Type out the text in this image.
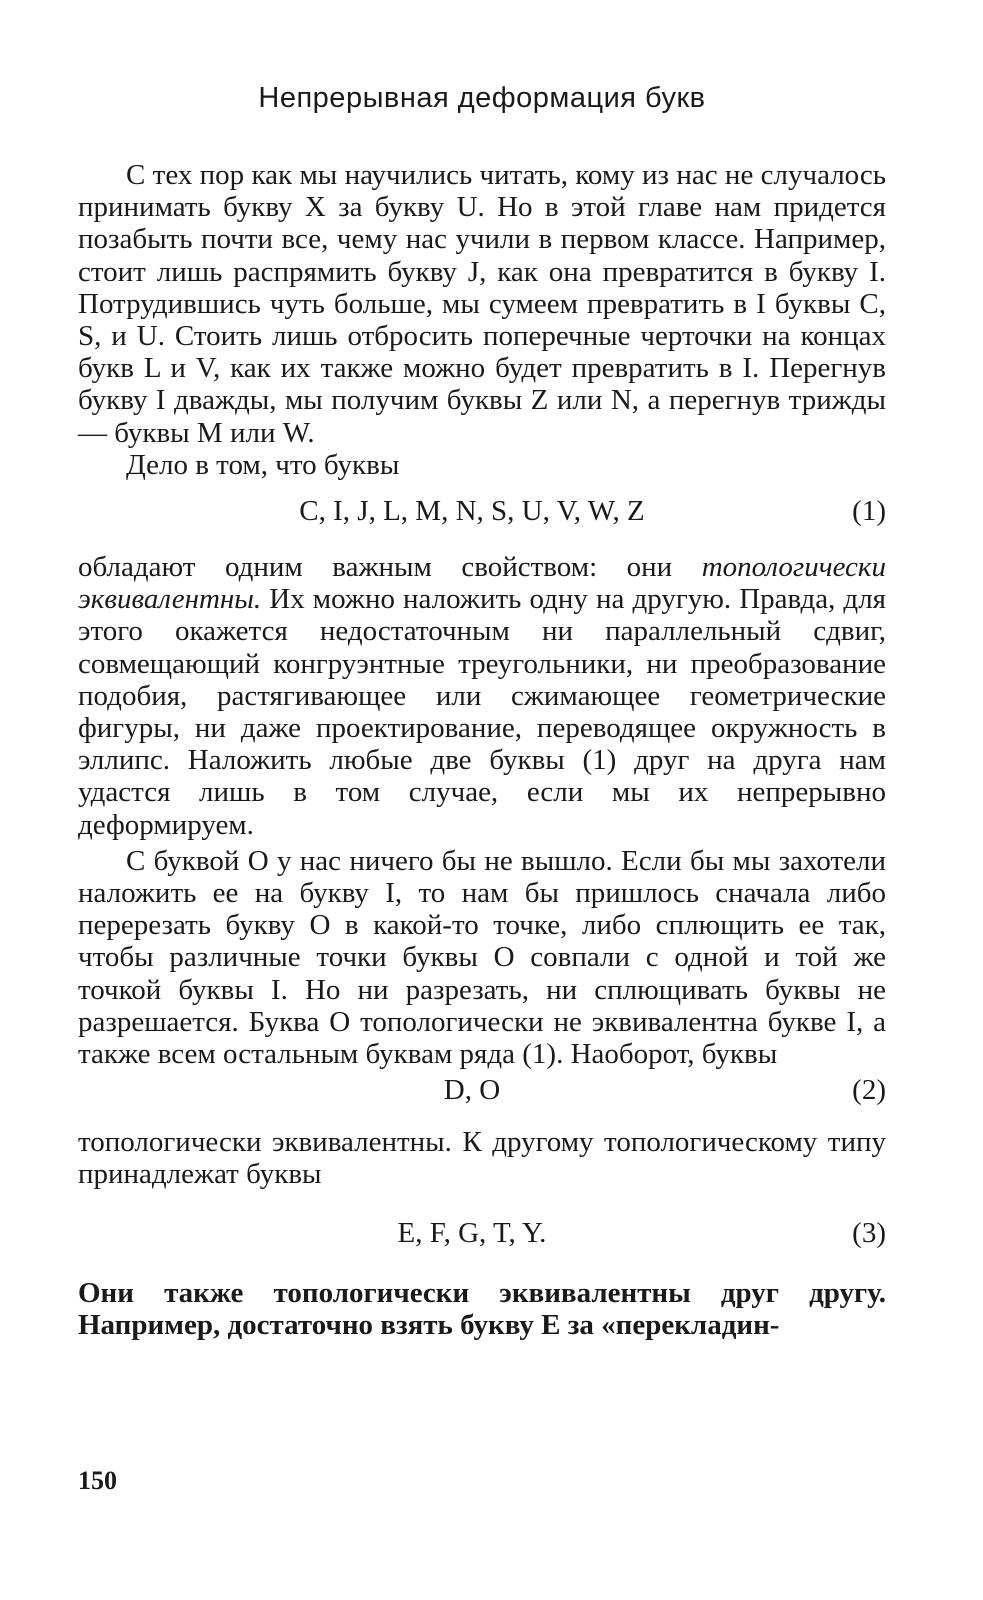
Непрерывная деформация букв

С тех пор как мы научились читать, кому из нас не случалось принимать букву X за букву U. Но в этой главе нам придется позабыть почти все, чему нас учили в первом классе. Например, стоит лишь распрямить букву J, как она превратится в букву I. Потрудившись чуть больше, мы сумеем превратить в I буквы C, S, и U. Стоить лишь отбросить поперечные черточки на концах букв L и V, как их также можно будет превратить в I. Перегнув букву I дважды, мы получим буквы Z или N, а перегнув трижды — буквы M или W.

Дело в том, что буквы

C, I, J, L, M, N, S, U, V, W, Z	(1)

обладают одним важным свойством: они топологически эквивалентны. Их можно наложить одну на другую. Правда, для этого окажется недостаточным ни параллельный сдвиг, совмещающий конгруэнтные треугольники, ни преобразование подобия, растягивающее или сжимающее геометрические фигуры, ни даже проектирование, переводящее окружность в эллипс. Наложить любые две буквы (1) друг на друга нам удастся лишь в том случае, если мы их непрерывно деформируем.

С буквой O у нас ничего бы не вышло. Если бы мы захотели наложить ее на букву I, то нам бы пришлось сначала либо перерезать букву O в какой-то точке, либо сплющить ее так, чтобы различные точки буквы O совпали с одной и той же точкой буквы I. Но ни разрезать, ни сплющивать буквы не разрешается. Буква O топологически не эквивалентна букве I, а также всем остальным буквам ряда (1). Наоборот, буквы

D, O	(2)

топологически эквивалентны. К другому топологическому типу принадлежат буквы

E, F, G, T, Y.	(3)

Они также топологически эквивалентны друг другу. Например, достаточно взять букву E за «перекладин-

150
